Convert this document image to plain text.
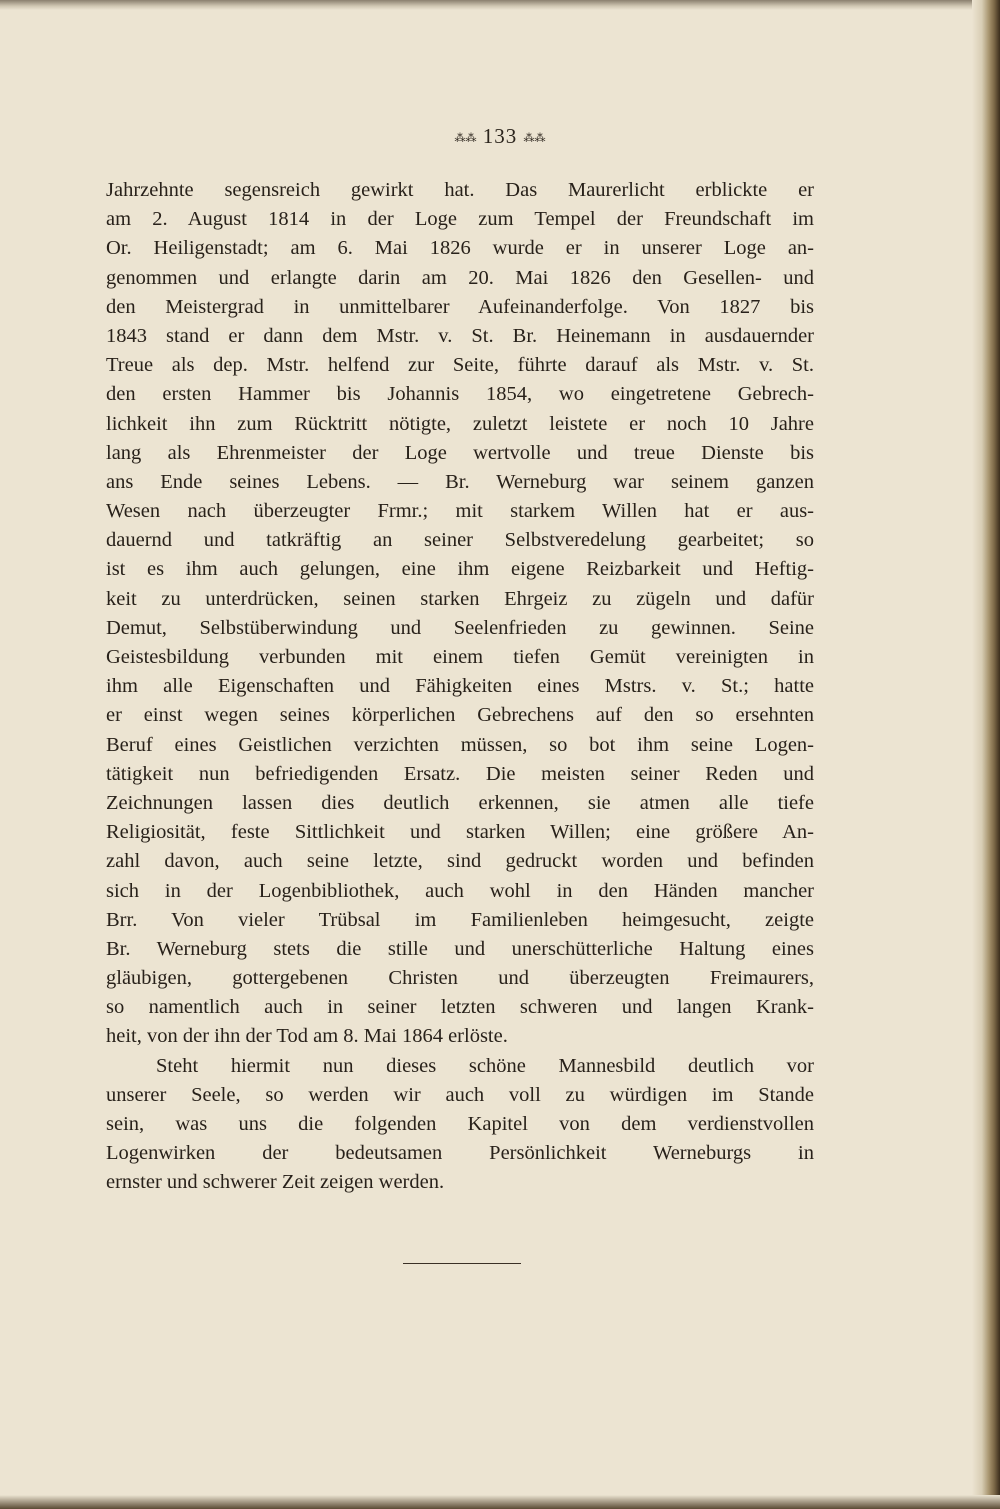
⁂⁂ 133 ⁂⁂
Jahrzehnte segensreich gewirkt hat. Das Maurerlicht erblickte er
am 2. August 1814 in der Loge zum Tempel der Freundschaft im
Or. Heiligenstadt; am 6. Mai 1826 wurde er in unserer Loge an-
genommen und erlangte darin am 20. Mai 1826 den Gesellen- und
den Meistergrad in unmittelbarer Aufeinanderfolge. Von 1827 bis
1843 stand er dann dem Mstr. v. St. Br. Heinemann in ausdauernder
Treue als dep. Mstr. helfend zur Seite, führte darauf als Mstr. v. St.
den ersten Hammer bis Johannis 1854, wo eingetretene Gebrech-
lichkeit ihn zum Rücktritt nötigte, zuletzt leistete er noch 10 Jahre
lang als Ehrenmeister der Loge wertvolle und treue Dienste bis
ans Ende seines Lebens. — Br. Werneburg war seinem ganzen
Wesen nach überzeugter Frmr.; mit starkem Willen hat er aus-
dauernd und tatkräftig an seiner Selbstveredelung gearbeitet; so
ist es ihm auch gelungen, eine ihm eigene Reizbarkeit und Heftig-
keit zu unterdrücken, seinen starken Ehrgeiz zu zügeln und dafür
Demut, Selbstüberwindung und Seelenfrieden zu gewinnen. Seine
Geistesbildung verbunden mit einem tiefen Gemüt vereinigten in
ihm alle Eigenschaften und Fähigkeiten eines Mstrs. v. St.; hatte
er einst wegen seines körperlichen Gebrechens auf den so ersehnten
Beruf eines Geistlichen verzichten müssen, so bot ihm seine Logen-
tätigkeit nun befriedigenden Ersatz. Die meisten seiner Reden und
Zeichnungen lassen dies deutlich erkennen, sie atmen alle tiefe
Religiosität, feste Sittlichkeit und starken Willen; eine größere An-
zahl davon, auch seine letzte, sind gedruckt worden und befinden
sich in der Logenbibliothek, auch wohl in den Händen mancher
Brr. Von vieler Trübsal im Familienleben heimgesucht, zeigte
Br. Werneburg stets die stille und unerschütterliche Haltung eines
gläubigen, gottergebenen Christen und überzeugten Freimaurers,
so namentlich auch in seiner letzten schweren und langen Krank-
heit, von der ihn der Tod am 8. Mai 1864 erlöste.
Steht hiermit nun dieses schöne Mannesbild deutlich vor
unserer Seele, so werden wir auch voll zu würdigen im Stande
sein, was uns die folgenden Kapitel von dem verdienstvollen
Logenwirken der bedeutsamen Persönlichkeit Werneburgs in
ernster und schwerer Zeit zeigen werden.
